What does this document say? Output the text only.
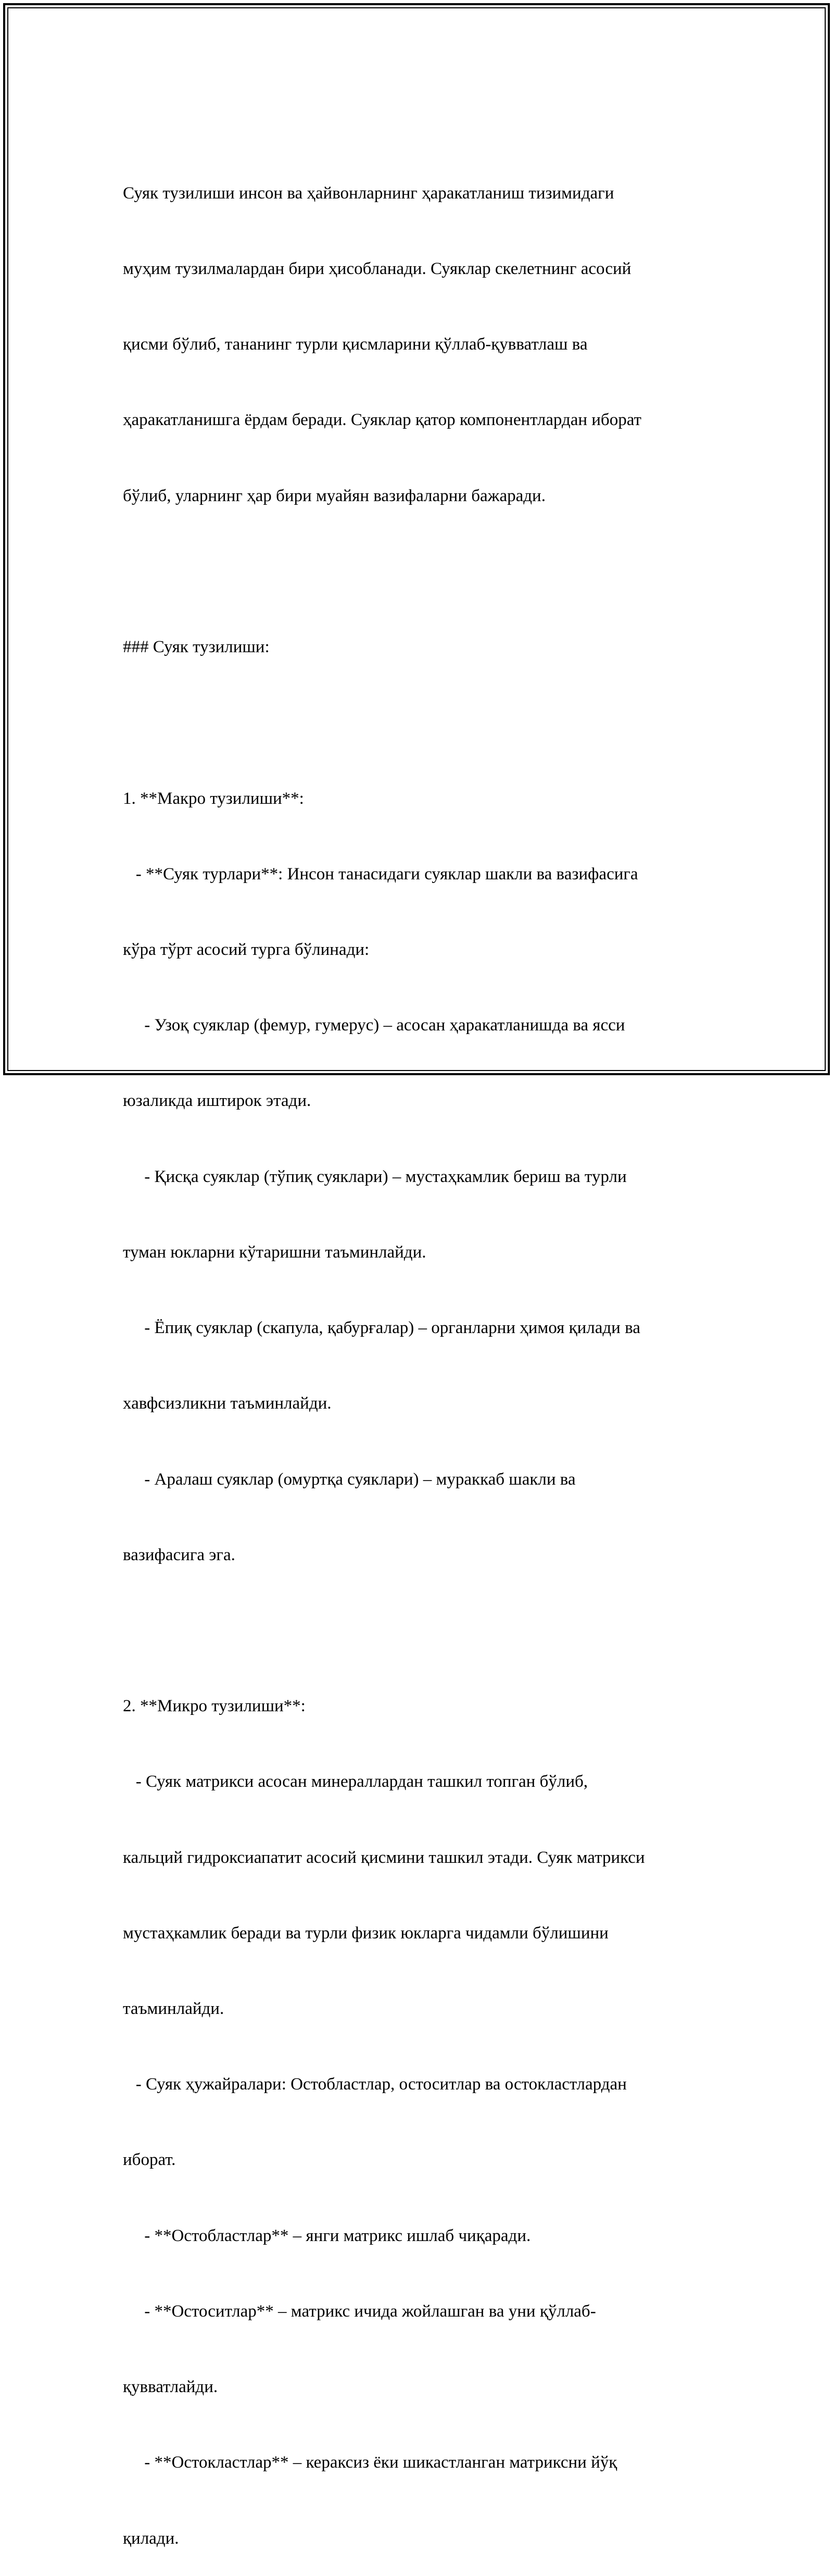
Суяк тузилиши инсон ва ҳайвонларнинг ҳаракатланиш тизимидаги

муҳим тузилмалардан бири ҳисобланади. Суяклар скелетнинг асосий

қисми бўлиб, тананинг турли қисмларини қўллаб-қувватлаш ва

ҳаракатланишга ёрдам беради. Суяклар қатор компонентлардан иборат

бўлиб, уларнинг ҳар бири муайян вазифаларни бажаради.

### Суяк тузилиши:

1. **Макро тузилиши**:

- **Суяк турлари**: Инсон танасидаги суяклар шакли ва вазифасига

кўра тўрт асосий турга бўлинади:

- Узоқ суяклар (фемур, гумерус) – асосан ҳаракатланишда ва ясси

юзаликда иштирок этади.

- Қисқа суяклар (тўпиқ суяклари) – мустаҳкамлик бериш ва турли

туман юкларни кўтаришни таъминлайди.

- Ёпиқ суяклар (скапула, қабурғалар) – органларни ҳимоя қилади ва

хавфсизликни таъминлайди.

- Аралаш суяклар (омуртқа суяклари) – мураккаб шакли ва

вазифасига эга.

2. **Микро тузилиши**:

- Суяк матрикси асосан минераллардан ташкил топган бўлиб,

кальций гидроксиапатит асосий қисмини ташкил этади. Суяк матрикси

мустаҳкамлик беради ва турли физик юкларга чидамли бўлишини

таъминлайди.

- Суяк ҳужайралари: Остобластлар, остоситлар ва остокластлардан

иборат.

- **Остобластлар** – янги матрикс ишлаб чиқаради.

- **Остоситлар** – матрикс ичида жойлашган ва уни қўллаб-

қувватлайди.

- **Остокластлар** – кераксиз ёки шикастланган матриксни йўқ

қилади.
